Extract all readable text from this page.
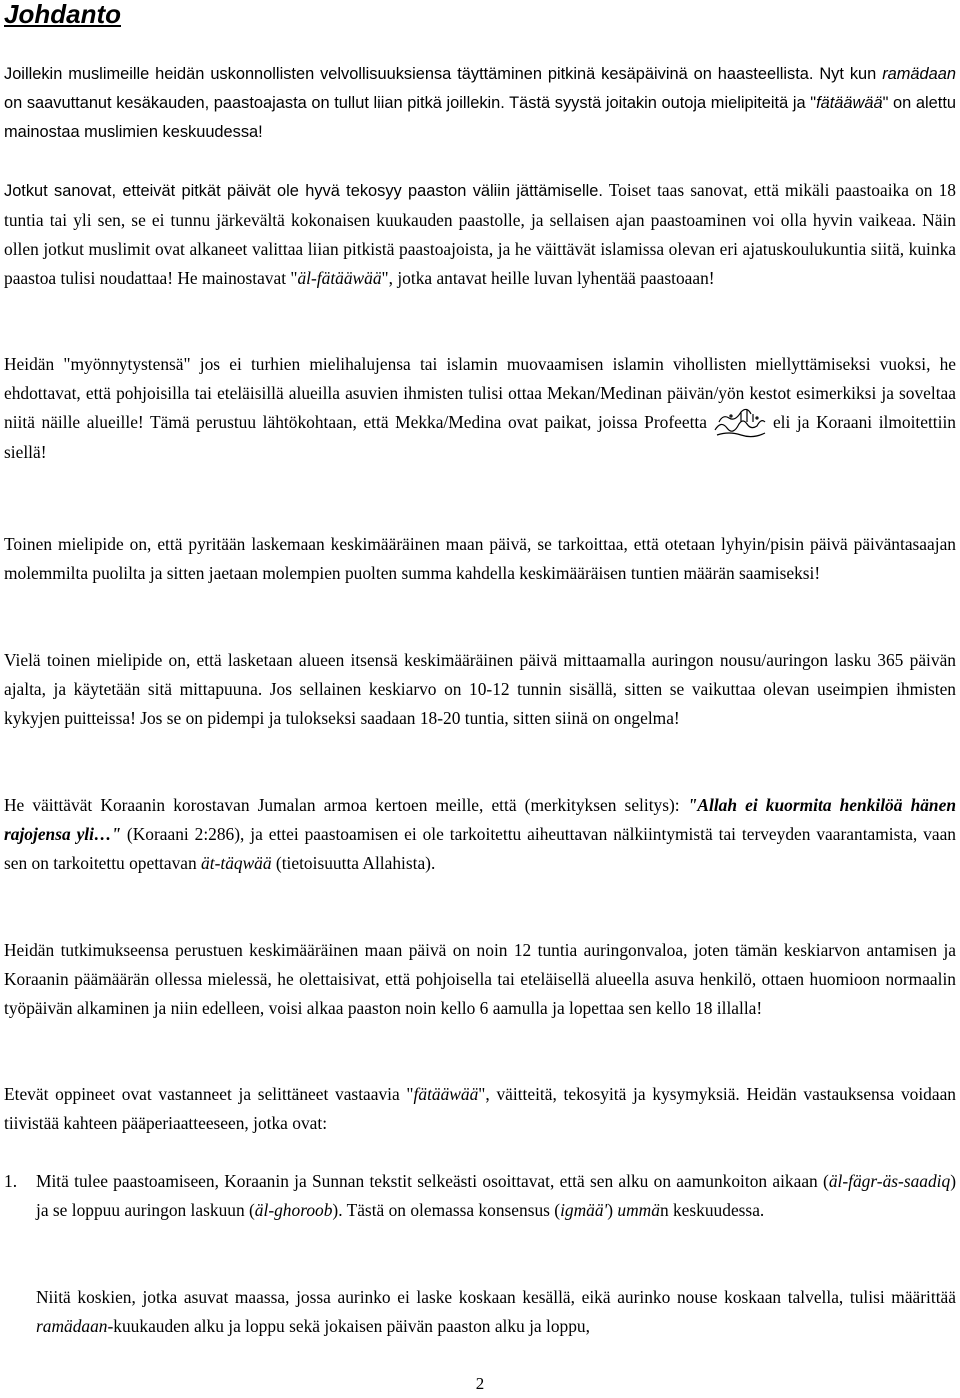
Johdanto

Joillekin muslimeille heidän uskonnollisten velvollisuuksiensa täyttäminen pitkinä kesäpäivinä on haasteellista. Nyt kun ramädaan on saavuttanut kesäkauden, paastoajasta on tullut liian pitkä joillekin. Tästä syystä joitakin outoja mielipiteitä ja "fätääwää" on alettu mainostaa muslimien keskuudessa!

Jotkut sanovat, etteivät pitkät päivät ole hyvä tekosyy paaston väliin jättämiselle. Toiset taas sanovat, että mikäli paastoaika on 18 tuntia tai yli sen, se ei tunnu järkevältä kokonaisen kuukauden paastolle, ja sellaisen ajan paastoaminen voi olla hyvin vaikeaa. Näin ollen jotkut muslimit ovat alkaneet valittaa liian pitkistä paastoajoista, ja he väittävät islamissa olevan eri ajatuskoulukuntia siitä, kuinka paastoa tulisi noudattaa! He mainostavat "äl-fätääwää", jotka antavat heille luvan lyhentää paastoaan!

Heidän "myönnytystensä" jos ei turhien mielihalujensa tai islamin muovaamisen islamin vihollisten miellyttämiseksi vuoksi, he ehdottavat, että pohjoisilla tai eteläisillä alueilla asuvien ihmisten tulisi ottaa Mekan/Medinan päivän/yön kestot esimerkiksi ja soveltaa niitä näille alueille! Tämä perustuu lähtökohtaan, että Mekka/Medina ovat paikat, joissa Profeetta	eli ja Koraani ilmoitettiin siellä!

Toinen mielipide on, että pyritään laskemaan keskimääräinen maan päivä, se tarkoittaa, että otetaan lyhyin/pisin päivä päiväntasaajan molemmilta puolilta ja sitten jaetaan molempien puolten summa kahdella keskimääräisen tuntien määrän saamiseksi!

Vielä toinen mielipide on, että lasketaan alueen itsensä keskimääräinen päivä mittaamalla auringon nousu/auringon lasku 365 päivän ajalta, ja käytetään sitä mittapuuna. Jos sellainen keskiarvo on 10-12 tunnin sisällä, sitten se vaikuttaa olevan useimpien ihmisten kykyjen puitteissa! Jos se on pidempi ja tulokseksi saadaan 18-20 tuntia, sitten siinä on ongelma!

He väittävät Koraanin korostavan Jumalan armoa kertoen meille, että (merkityksen selitys): "Allah ei kuormita henkilöä hänen rajojensa yli…" (Koraani 2:286), ja ettei paastoamisen ei ole tarkoitettu aiheuttavan nälkiintymistä tai terveyden vaarantamista, vaan sen on tarkoitettu opettavan ät-täqwää (tietoisuutta Allahista).

Heidän tutkimukseensa perustuen keskimääräinen maan päivä on noin 12 tuntia auringonvaloa, joten tämän keskiarvon antamisen ja Koraanin päämäärän ollessa mielessä, he olettaisivat, että pohjoisella tai eteläisellä alueella asuva henkilö, ottaen huomioon normaalin työpäivän alkaminen ja niin edelleen, voisi alkaa paaston noin kello 6 aamulla ja lopettaa sen kello 18 illalla!

Etevät oppineet ovat vastanneet ja selittäneet vastaavia "fätääwää", väitteitä, tekosyitä ja kysymyksiä. Heidän vastauksensa voidaan tiivistää kahteen pääperiaatteeseen, jotka ovat:

1. Mitä tulee paastoamiseen, Koraanin ja Sunnan tekstit selkeästi osoittavat, että sen alku on aamunkoiton aikaan (äl-fägr-äs-saadiq) ja se loppuu auringon laskuun (äl-ghoroob). Tästä on olemassa konsensus (igmää') ummän keskuudessa.

Niitä koskien, jotka asuvat maassa, jossa aurinko ei laske koskaan kesällä, eikä aurinko nouse koskaan talvella, tulisi määrittää ramädaan-kuukauden alku ja loppu sekä jokaisen päivän paaston alku ja loppu,

2
